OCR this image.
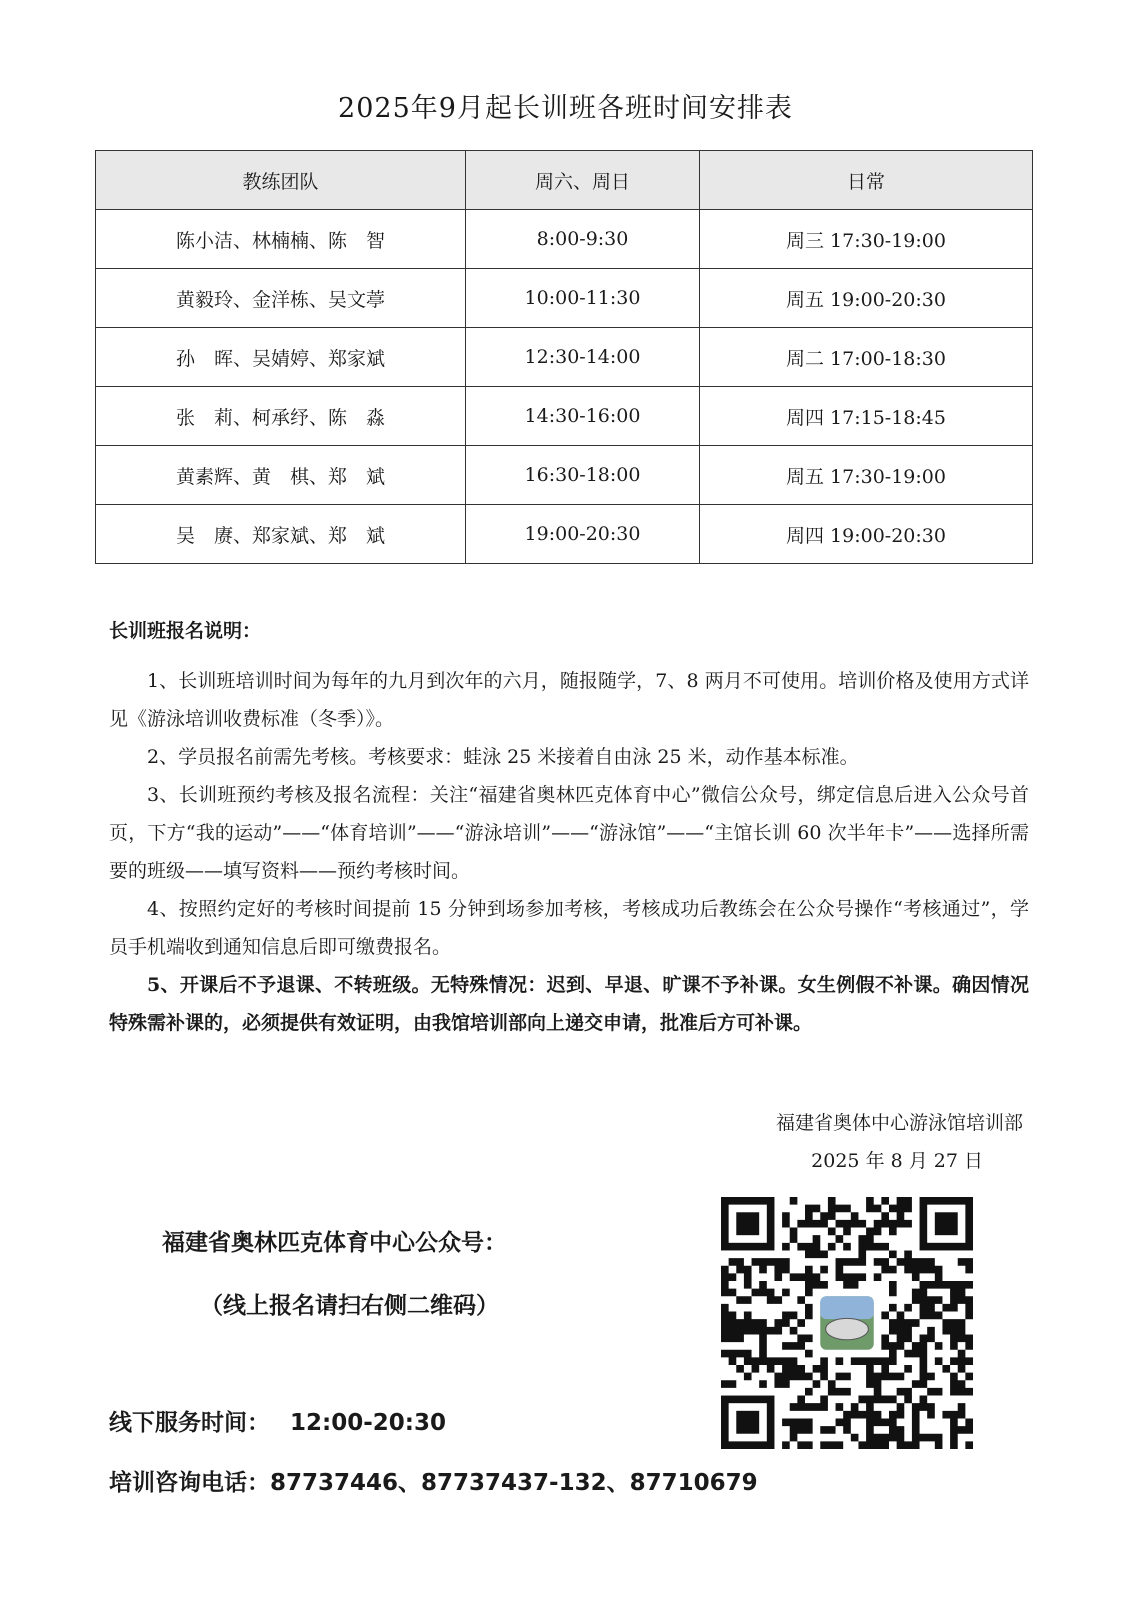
2025年9月起长训班各班时间安排表
教练团队	周六、周日	日常
陈小洁、林楠楠、陈　智	8:00-9:30	周三 17:30-19:00
黄毅玲、金洋栋、吴文葶	10:00-11:30	周五 19:00-20:30
孙　晖、吴婧婷、郑家斌	12:30-14:00	周二 17:00-18:30
张　莉、柯承纾、陈　淼	14:30-16:00	周四 17:15-18:45
黄素辉、黄　棋、郑　斌	16:30-18:00	周五 17:30-19:00
吴　赓、郑家斌、郑　斌	19:00-20:30	周四 19:00-20:30
长训班报名说明：

1、长训班培训时间为每年的九月到次年的六月，随报随学，7、8 两月不可使用。培训价格及使用方式详见《游泳培训收费标准（冬季）》。

2、学员报名前需先考核。考核要求：蛙泳 25 米接着自由泳 25 米，动作基本标准。

3、长训班预约考核及报名流程：关注“福建省奥林匹克体育中心”微信公众号，绑定信息后进入公众号首页，下方“我的运动”——“体育培训”——“游泳培训”——“游泳馆”——“主馆长训 60 次半年卡”——选择所需要的班级——填写资料——预约考核时间。

4、按照约定好的考核时间提前 15 分钟到场参加考核，考核成功后教练会在公众号操作“考核通过”，学员手机端收到通知信息后即可缴费报名。

5、开课后不予退课、不转班级。无特殊情况：迟到、早退、旷课不予补课。女生例假不补课。确因情况特殊需补课的，必须提供有效证明，由我馆培训部向上递交申请，批准后方可补课。

福建省奥体中心游泳馆培训部
2025 年 8 月 27 日
福建省奥林匹克体育中心公众号：
（线上报名请扫右侧二维码）
线下服务时间： 12:00-20:30
培训咨询电话：87737446、87737437-132、87710679
